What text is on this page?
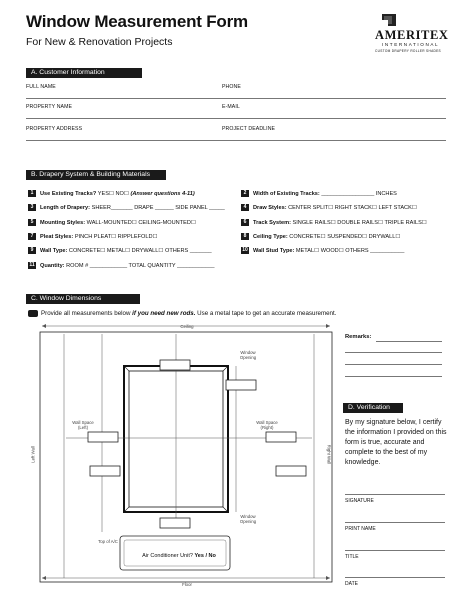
Window Measurement Form
For New & Renovation Projects	AMERITEX
INTERNATIONAL
CUSTOM DRAPERY ROLLER SHADES
A. Customer Information
FULL NAME	PHONE
PROPERTY NAME	E-MAIL
PROPERTY ADDRESS	PROJECT DEADLINE
B. Drapery System & Building Materials
1 Use Existing Tracks? YES☐ NO☐ (Answer questions 4-11)	2 Width of Existing Tracks: _________________ INCHES
3 Length of Drapery: SHEER_______ DRAPE ______ SIDE PANEL _____	4 Draw Styles: CENTER SPLIT☐ RIGHT STACK☐ LEFT STACK☐
5 Mounting Styles: WALL-MOUNTED☐ CEILING-MOUNTED☐	6 Track System: SINGLE RAILS☐ DOUBLE RAILS☐ TRIPLE RAILS☐
7 Pleat Styles: PINCH PLEAT☐ RIPPLEFOLD☐	8 Ceiling Type: CONCRETE☐ SUSPENDED☐ DRYWALL☐
9 Wall Type: CONCRETE☐ METAL☐ DRYWALL☐ OTHERS _______	10 Wall Stud Type: METAL☐ WOOD☐ OTHERS ___________
11 Quantity: ROOM # ____________ TOTAL QUANTITY ____________
C. Window Dimensions
Provide all measurements below if you need new rods. Use a metal tape to get an accurate measurement.
Ceiling
Floor
Left Wall	Right Wall
Window Opening
Window Opening
Wall Space (Left)
Wall Space (Right)
Top of A/C
Air Conditioner Unit? Yes / No
Remarks:
D. Verification
By my signature below, I certify the information I provided on this form is true, accurate and complete to the best of my knowledge.
SIGNATURE
PRINT NAME
TITLE
DATE
